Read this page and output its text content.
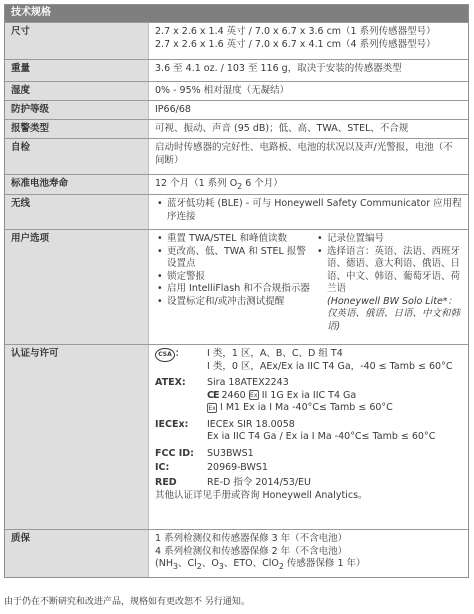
技术规格
尺寸	2.7 x 2.6 x 1.4 英寸 / 7.0 x 6.7 x 3.6 cm（1 系列传感器型号）
2.7 x 2.6 x 1.6 英寸 / 7.0 x 6.7 x 4.1 cm（4 系列传感器型号）
重量	3.6 至 4.1 oz. / 103 至 116 g，取决于安装的传感器类型
湿度	0% - 95% 相对湿度（无凝结）
防护等级	IP66/68
报警类型	可视、振动、声音 (95 dB)；低、高、TWA、STEL、不合规
自检	启动时传感器的完好性、电路板、电池的状况以及声/光警报，电池（不间断）
标准电池寿命	12 个月（1 系列 $O_2$ 6 个月）
无线	• 蓝牙低功耗 (BLE) - 可与 Honeywell Safety Communicator 应用程序连接
用户选项	• 重置 TWA/STEL 和峰值读数
• 更改高、低、TWA 和 STEL 报警设置点
• 锁定警报
• 启用 IntelliFlash 和不合规指示器
• 设置标定和/或冲击测试提醒
• 记录位置编号
• 选择语言：英语、法语、西班牙语、德语、意大利语、俄语、日语、中文、韩语、葡萄牙语、荷兰语
(Honeywell BW Solo Lite*：仅英语、俄语、日语、中文和韩语)
认证与许可	CSA ：	I 类，1 区，A、B、C、D 组 T4
I 类，0 区，AEx/Ex ia IIC T4 Ga，-40 ≤ Tamb ≤ 60°C
ATEX:	Sira 18ATEX2243
CE 2460 Ex II 1G Ex ia IIC T4 Ga
Ex I M1 Ex ia I Ma -40°C≤ Tamb ≤ 60°C
IECEx:	IECEx SIR 18.0058
Ex ia IIC T4 Ga / Ex ia I Ma -40°C≤ Tamb ≤ 60°C
FCC ID:	SU3BWS1
IC:	20969-BWS1
RED	RE-D 指令 2014/53/EU
其他认证详见手册或咨询 Honeywell Analytics。
质保	1 系列检测仪和传感器保修 3 年（不含电池）
4 系列检测仪和传感器保修 2 年（不含电池）
($NH_3$、$Cl_2$、$O_3$、ETO、ClO$_2$ 传感器保修 1 年）
由于仍在不断研究和改进产品，规格如有更改恕不 另行通知。
